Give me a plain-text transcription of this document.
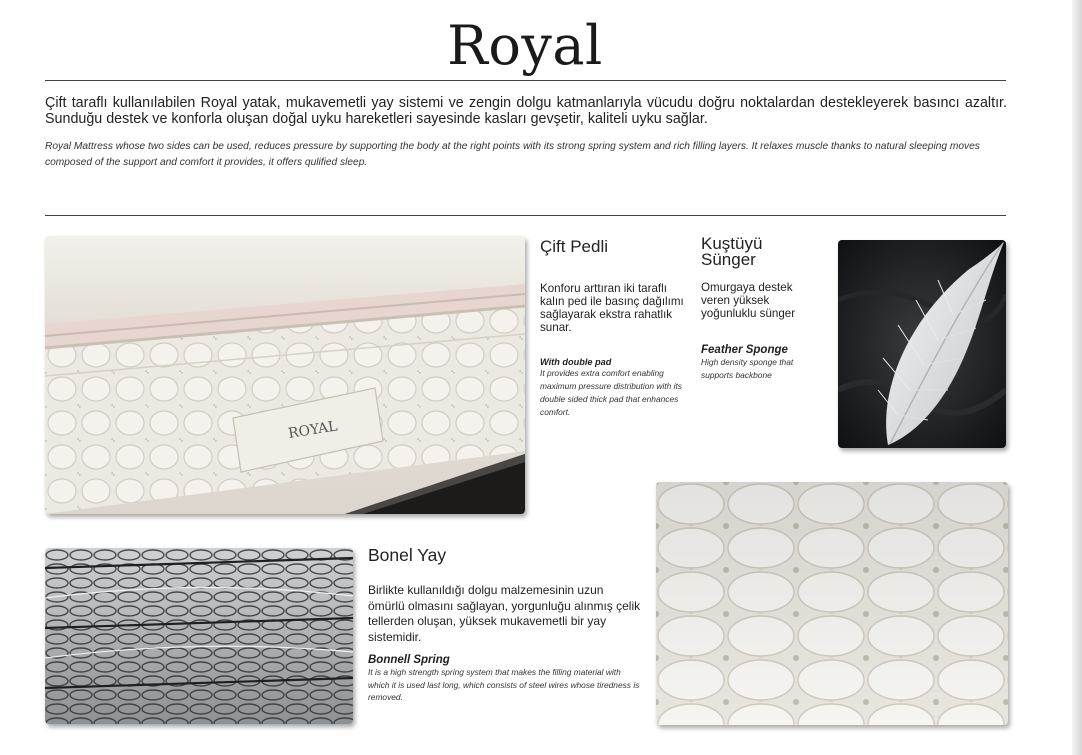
Royal

Çift taraflı kullanılabilen Royal yatak, mukavemetli yay sistemi ve zengin dolgu katmanlarıyla vücudu doğru noktalardan destekleyerek basıncı azaltır. Sunduğu destek ve konforla oluşan doğal uyku hareketleri sayesinde kasları gevşetir, kaliteli uyku sağlar.

Royal Mattress whose two sides can be used, reduces pressure by supporting the body at the right points with its strong spring system and rich filling layers. It relaxes muscle thanks to natural sleeping moves composed of the support and comfort it provides, it offers qulified sleep.

ROYAL
Çift Pedli

Konforu arttıran iki taraflı kalın ped ile basınç dağılımı sağlayarak ekstra rahatlık sunar.

With double pad

It provides extra comfort enabling maximum pressure distribution with its double sided thick pad that enhances comfort.

Kuştüyü Sünger

Omurgaya destek veren yüksek yoğunluklu sünger

Feather Sponge

High density sponge that supports backbone

Bonel Yay

Birlikte kullanıldığı dolgu malzemesinin uzun ömürlü olmasını sağlayan, yorgunluğu alınmış çelik tellerden oluşan, yüksek mukavemetli bir yay sistemidir.

Bonnell Spring

It is a high strength spring system that makes the filling material with which it is used last long, which consists of steel wires whose tiredness is removed.
